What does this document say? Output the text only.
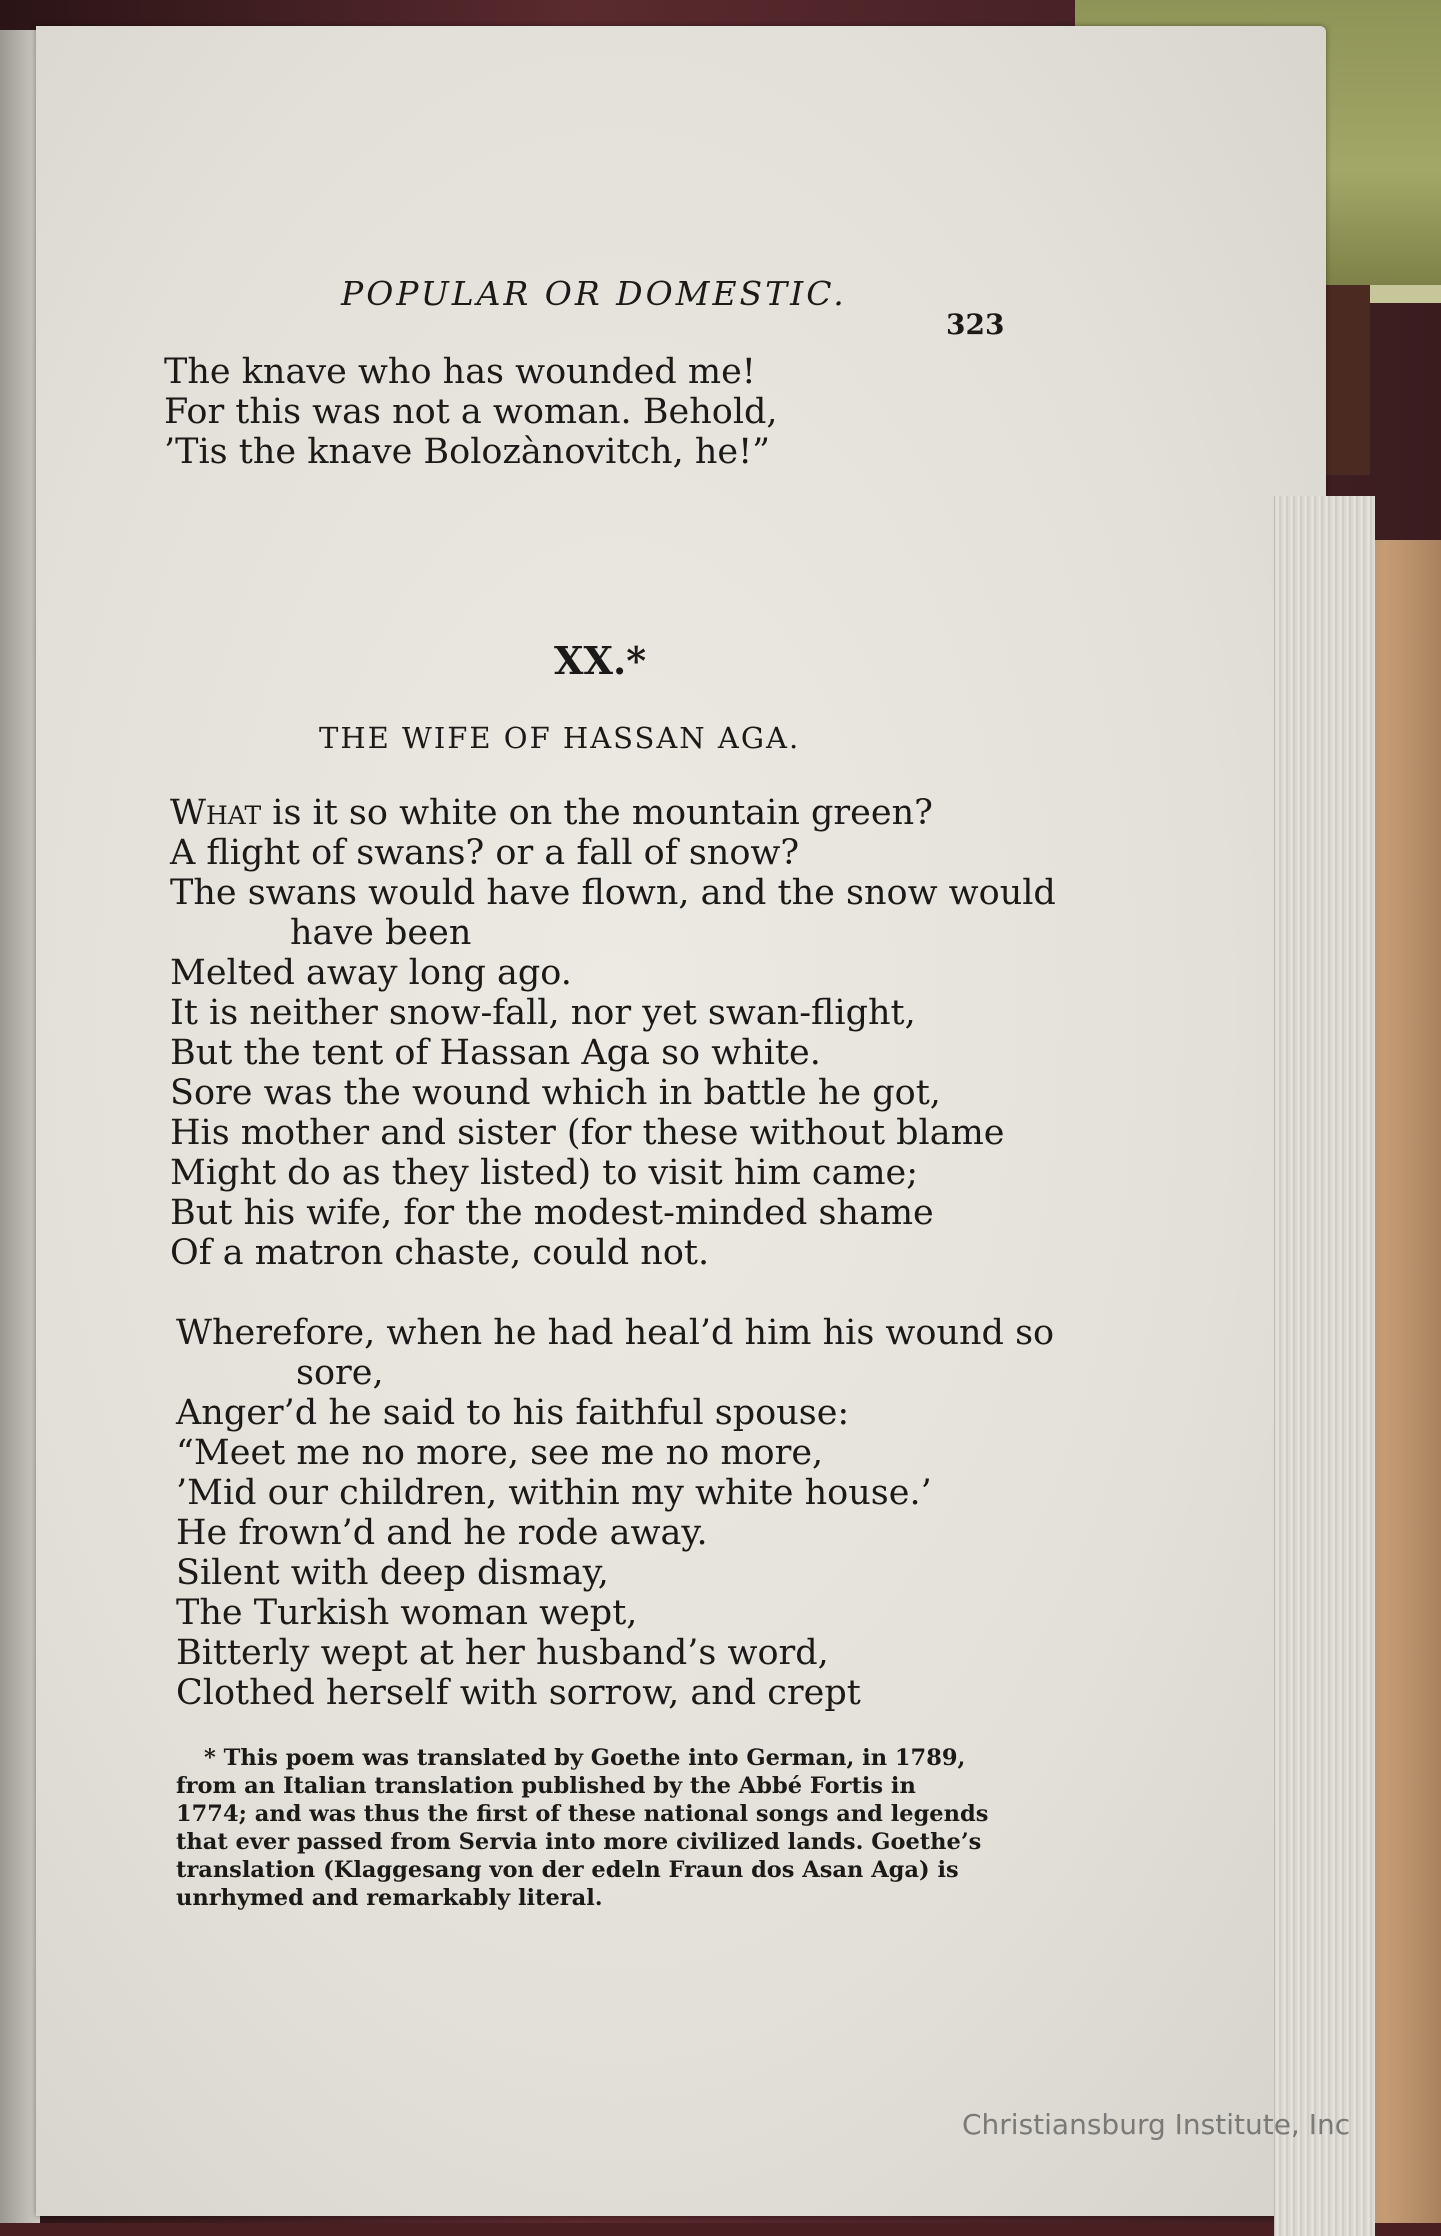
POPULAR OR DOMESTIC.
323
The knave who has wounded me!
For this was not a woman. Behold,
’Tis the knave Bolozànovitch, he!”
XX.*
THE WIFE OF HASSAN AGA.
What is it so white on the mountain green?
A flight of swans? or a fall of snow?
The swans would have flown, and the snow would
have been
Melted away long ago.
It is neither snow-fall, nor yet swan-flight,
But the tent of Hassan Aga so white.
Sore was the wound which in battle he got,
His mother and sister (for these without blame
Might do as they listed) to visit him came;
But his wife, for the modest-minded shame
Of a matron chaste, could not.
Wherefore, when he had heal’d him his wound so
sore,
Anger’d he said to his faithful spouse:
“Meet me no more, see me no more,
’Mid our children, within my white house.’
He frown’d and he rode away.
Silent with deep dismay,
The Turkish woman wept,
Bitterly wept at her husband’s word,
Clothed herself with sorrow, and crept
* This poem was translated by Goethe into German, in 1789,
from an Italian translation published by the Abbé Fortis in
1774; and was thus the first of these national songs and legends
that ever passed from Servia into more civilized lands. Goethe’s
translation (Klaggesang von der edeln Fraun dos Asan Aga) is
unrhymed and remarkably literal.
Christiansburg Institute, Inc
